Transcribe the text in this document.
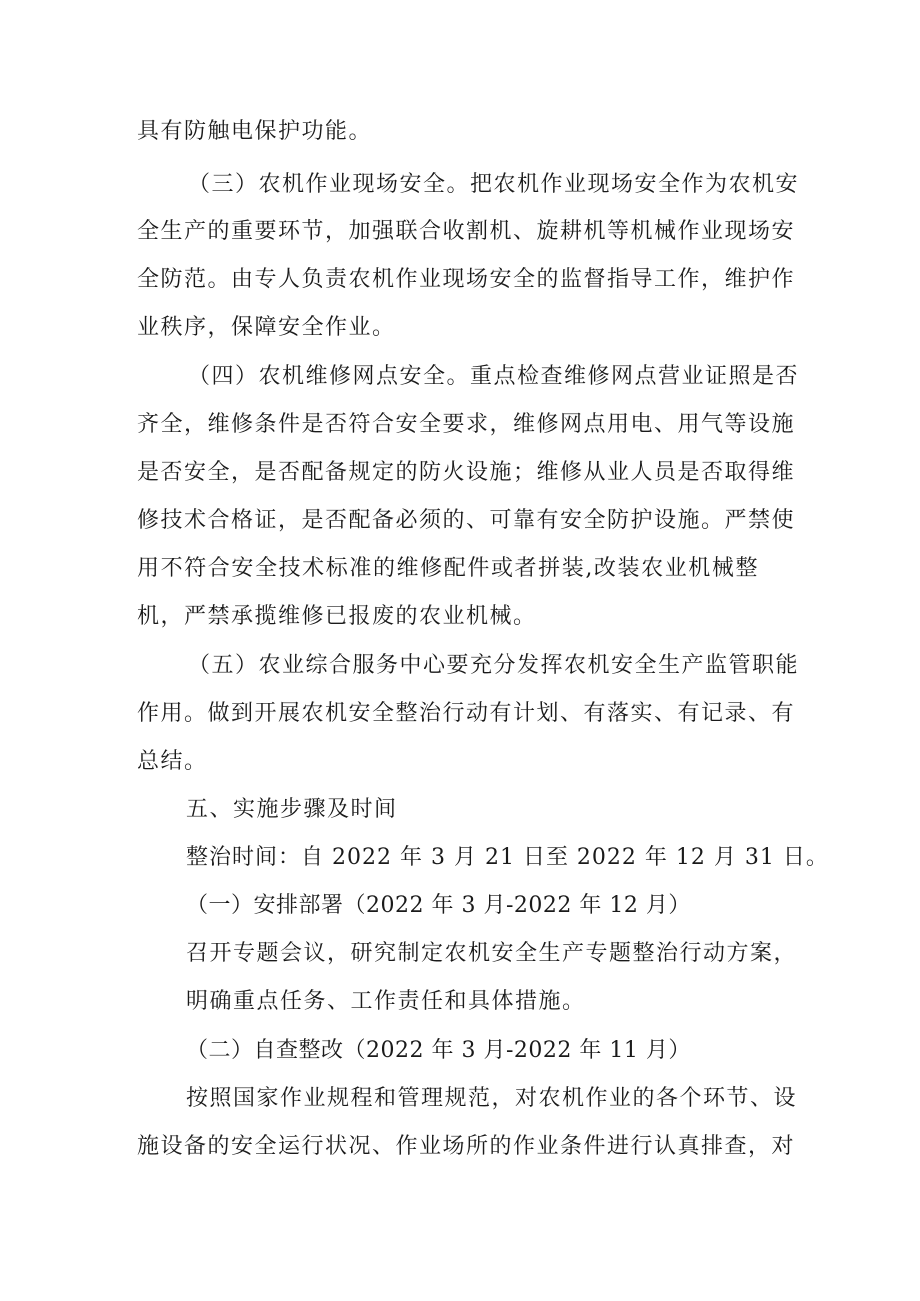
具有防触电保护功能。
（三）农机作业现场安全。把农机作业现场安全作为农机安
全生产的重要环节，加强联合收割机、旋耕机等机械作业现场安
全防范。由专人负责农机作业现场安全的监督指导工作，维护作
业秩序，保障安全作业。
（四）农机维修网点安全。重点检查维修网点营业证照是否
齐全，维修条件是否符合安全要求，维修网点用电、用气等设施
是否安全，是否配备规定的防火设施；维修从业人员是否取得维
修技术合格证，是否配备必须的、可靠有安全防护设施。严禁使
用不符合安全技术标准的维修配件或者拼装,改装农业机械整
机，严禁承揽维修已报废的农业机械。
（五）农业综合服务中心要充分发挥农机安全生产监管职能
作用。做到开展农机安全整治行动有计划、有落实、有记录、有
总结。
五、实施步骤及时间
整治时间：自 2022 年 3 月 21 日至 2022 年 12 月 31 日。
（一）安排部署（2022 年 3 月-2022 年 12 月）
召开专题会议，研究制定农机安全生产专题整治行动方案，
明确重点任务、工作责任和具体措施。
（二）自查整改（2022 年 3 月-2022 年 11 月）
按照国家作业规程和管理规范，对农机作业的各个环节、设
施设备的安全运行状况、作业场所的作业条件进行认真排查，对
